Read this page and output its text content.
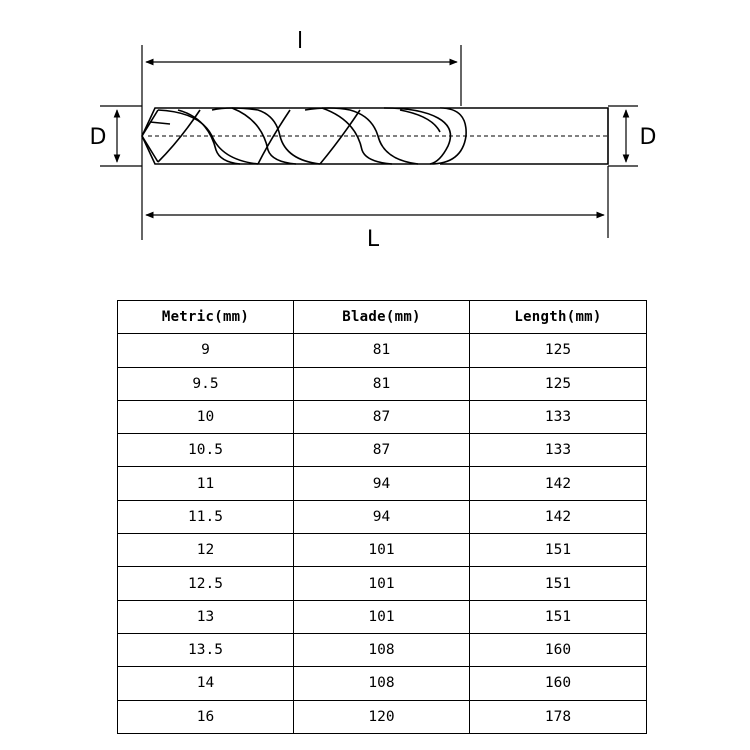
l
L
D	D
Metric(mm)	Blade(mm)	Length(mm)
9	81	125
9.5	81	125
10	87	133
10.5	87	133
11	94	142
11.5	94	142
12	101	151
12.5	101	151
13	101	151
13.5	108	160
14	108	160
16	120	178
